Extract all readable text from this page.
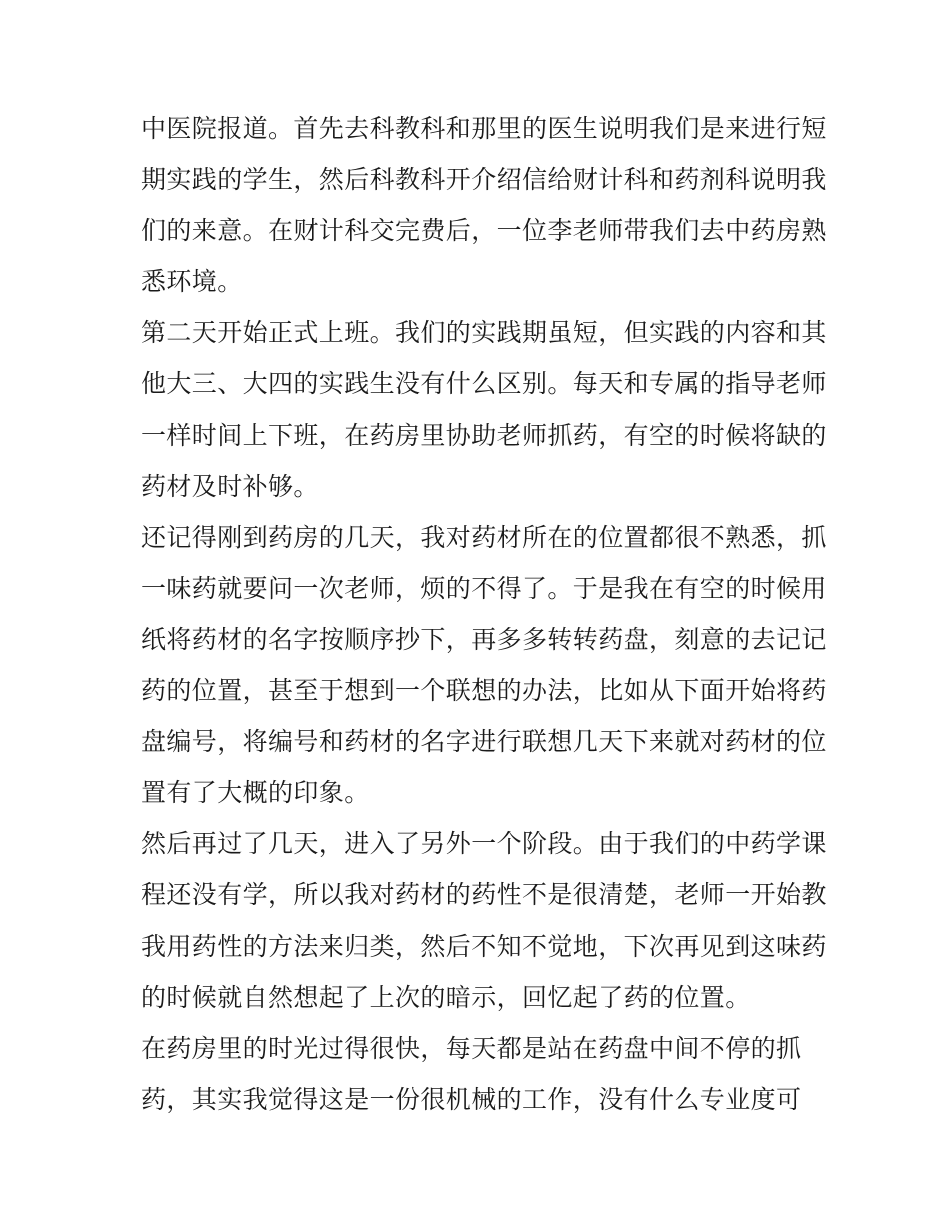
中医院报道。首先去科教科和那里的医生说明我们是来进行短
期实践的学生，然后科教科开介绍信给财计科和药剂科说明我
们的来意。在财计科交完费后，一位李老师带我们去中药房熟
悉环境。
第二天开始正式上班。我们的实践期虽短，但实践的内容和其
他大三、大四的实践生没有什么区别。每天和专属的指导老师
一样时间上下班，在药房里协助老师抓药，有空的时候将缺的
药材及时补够。
还记得刚到药房的几天，我对药材所在的位置都很不熟悉，抓
一味药就要问一次老师，烦的不得了。于是我在有空的时候用
纸将药材的名字按顺序抄下，再多多转转药盘，刻意的去记记
药的位置，甚至于想到一个联想的办法，比如从下面开始将药
盘编号，将编号和药材的名字进行联想几天下来就对药材的位
置有了大概的印象。
然后再过了几天，进入了另外一个阶段。由于我们的中药学课
程还没有学，所以我对药材的药性不是很清楚，老师一开始教
我用药性的方法来归类，然后不知不觉地，下次再见到这味药
的时候就自然想起了上次的暗示，回忆起了药的位置。
在药房里的时光过得很快，每天都是站在药盘中间不停的抓
药，其实我觉得这是一份很机械的工作，没有什么专业度可
